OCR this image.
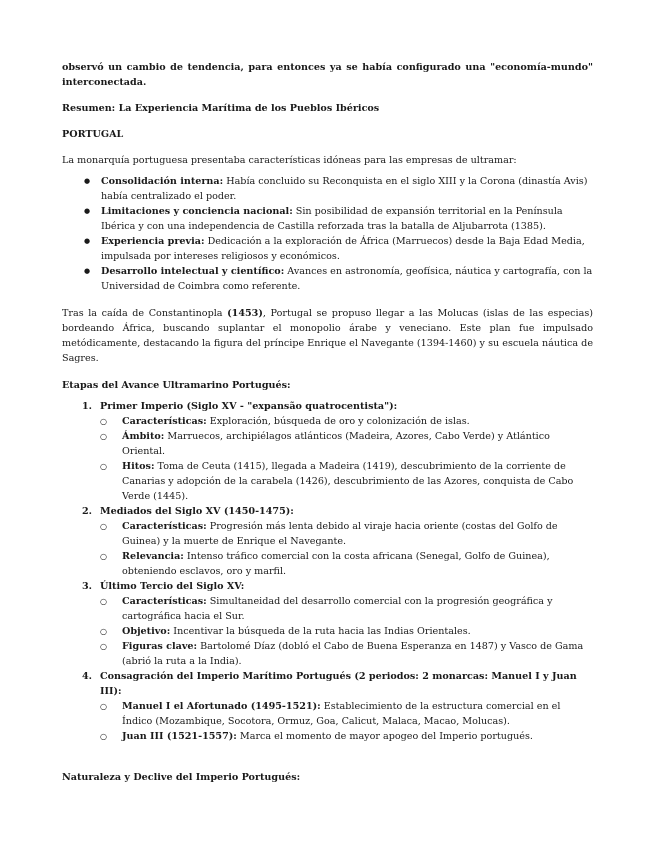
observó un cambio de tendencia, para entonces ya se había configurado una "economía-mundo" interconectada.

Resumen: La Experiencia Marítima de los Pueblos Ibéricos

PORTUGAL

La monarquía portuguesa presentaba características idóneas para las empresas de ultramar:

● Consolidación interna: Había concluido su Reconquista en el siglo XIII y la Corona (dinastía Avis) había centralizado el poder.
● Limitaciones y conciencia nacional: Sin posibilidad de expansión territorial en la Península Ibérica y con una independencia de Castilla reforzada tras la batalla de Aljubarrota (1385).
● Experiencia previa: Dedicación a la exploración de África (Marruecos) desde la Baja Edad Media, impulsada por intereses religiosos y económicos.
● Desarrollo intelectual y científico: Avances en astronomía, geofísica, náutica y cartografía, con la Universidad de Coimbra como referente.

Tras la caída de Constantinopla (1453), Portugal se propuso llegar a las Molucas (islas de las especias) bordeando África, buscando suplantar el monopolio árabe y veneciano. Este plan fue impulsado metódicamente, destacando la figura del príncipe Enrique el Navegante (1394-1460) y su escuela náutica de Sagres.

Etapas del Avance Ultramarino Portugués:

1. Primer Imperio (Siglo XV - "expansão quatrocentista"):
○ Características: Exploración, búsqueda de oro y colonización de islas.
○ Ámbito: Marruecos, archipiélagos atlánticos (Madeira, Azores, Cabo Verde) y Atlántico Oriental.
○ Hitos: Toma de Ceuta (1415), llegada a Madeira (1419), descubrimiento de la corriente de Canarias y adopción de la carabela (1426), descubrimiento de las Azores, conquista de Cabo Verde (1445).
2. Mediados del Siglo XV (1450-1475):
○ Características: Progresión más lenta debido al viraje hacia oriente (costas del Golfo de Guinea) y la muerte de Enrique el Navegante.
○ Relevancia: Intenso tráfico comercial con la costa africana (Senegal, Golfo de Guinea), obteniendo esclavos, oro y marfil.
3. Último Tercio del Siglo XV:
○ Características: Simultaneidad del desarrollo comercial con la progresión geográfica y cartográfica hacia el Sur.
○ Objetivo: Incentivar la búsqueda de la ruta hacia las Indias Orientales.
○ Figuras clave: Bartolomé Díaz (dobló el Cabo de Buena Esperanza en 1487) y Vasco de Gama (abrió la ruta a la India).
4. Consagración del Imperio Marítimo Portugués (2 periodos: 2 monarcas: Manuel I y Juan III):
○ Manuel I el Afortunado (1495-1521): Establecimiento de la estructura comercial en el Índico (Mozambique, Socotora, Ormuz, Goa, Calicut, Malaca, Macao, Molucas).
○ Juan III (1521-1557): Marca el momento de mayor apogeo del Imperio portugués.

Naturaleza y Declive del Imperio Portugués:
